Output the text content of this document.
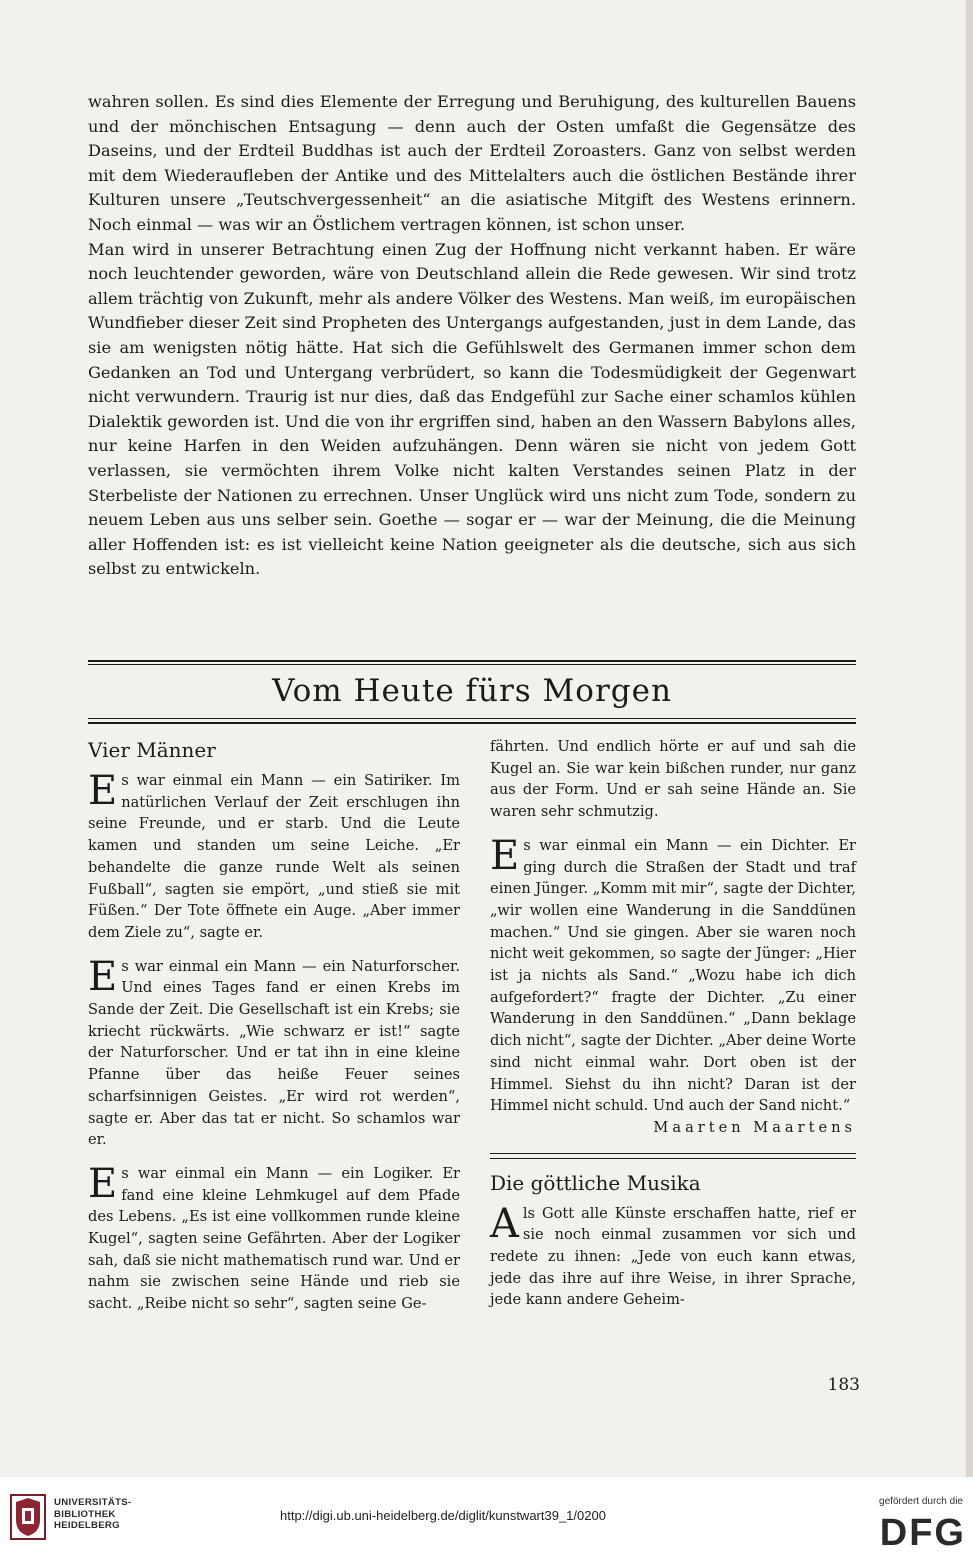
wahren sollen. Es sind dies Elemente der Erregung und Beruhigung, des kulturellen Bauens und der mönchischen Entsagung — denn auch der Osten umfaßt die Gegensätze des Daseins, und der Erdteil Buddhas ist auch der Erdteil Zoroasters. Ganz von selbst werden mit dem Wiederaufleben der Antike und des Mittelalters auch die östlichen Bestände ihrer Kulturen unsere „Teutschvergessenheit“ an die asiatische Mitgift des Westens erinnern. Noch einmal — was wir an Östlichem vertragen können, ist schon unser.

Man wird in unserer Betrachtung einen Zug der Hoffnung nicht verkannt haben. Er wäre noch leuchtender geworden, wäre von Deutschland allein die Rede gewesen. Wir sind trotz allem trächtig von Zukunft, mehr als andere Völker des Westens. Man weiß, im europäischen Wundfieber dieser Zeit sind Propheten des Untergangs aufgestanden, just in dem Lande, das sie am wenigsten nötig hätte. Hat sich die Gefühlswelt des Germanen immer schon dem Gedanken an Tod und Untergang verbrüdert, so kann die Todesmüdigkeit der Gegenwart nicht verwundern. Traurig ist nur dies, daß das Endgefühl zur Sache einer schamlos kühlen Dialektik geworden ist. Und die von ihr ergriffen sind, haben an den Wassern Babylons alles, nur keine Harfen in den Weiden aufzuhängen. Denn wären sie nicht von jedem Gott verlassen, sie vermöchten ihrem Volke nicht kalten Verstandes seinen Platz in der Sterbeliste der Nationen zu errechnen. Unser Unglück wird uns nicht zum Tode, sondern zu neuem Leben aus uns selber sein. Goethe — sogar er — war der Meinung, die die Meinung aller Hoffenden ist: es ist vielleicht keine Nation geeigneter als die deutsche, sich aus sich selbst zu entwickeln.

Vom Heute fürs Morgen
Vier Männer

Es war einmal ein Mann — ein Satiriker. Im natürlichen Verlauf der Zeit erschlugen ihn seine Freunde, und er starb. Und die Leute kamen und standen um seine Leiche. „Er behandelte die ganze runde Welt als seinen Fußball“, sagten sie empört, „und stieß sie mit Füßen.“ Der Tote öffnete ein Auge. „Aber immer dem Ziele zu“, sagte er.

Es war einmal ein Mann — ein Naturforscher. Und eines Tages fand er einen Krebs im Sande der Zeit. Die Gesellschaft ist ein Krebs; sie kriecht rückwärts. „Wie schwarz er ist!“ sagte der Naturforscher. Und er tat ihn in eine kleine Pfanne über das heiße Feuer seines scharfsinnigen Geistes. „Er wird rot werden“, sagte er. Aber das tat er nicht. So schamlos war er.

Es war einmal ein Mann — ein Logiker. Er fand eine kleine Lehmkugel auf dem Pfade des Lebens. „Es ist eine vollkommen runde kleine Kugel“, sagten seine Gefährten. Aber der Logiker sah, daß sie nicht mathematisch rund war. Und er nahm sie zwischen seine Hände und rieb sie sacht. „Reibe nicht so sehr“, sagten seine Ge-

fährten. Und endlich hörte er auf und sah die Kugel an. Sie war kein bißchen runder, nur ganz aus der Form. Und er sah seine Hände an. Sie waren sehr schmutzig.

Es war einmal ein Mann — ein Dichter. Er ging durch die Straßen der Stadt und traf einen Jünger. „Komm mit mir“, sagte der Dichter, „wir wollen eine Wanderung in die Sanddünen machen.“ Und sie gingen. Aber sie waren noch nicht weit gekommen, so sagte der Jünger: „Hier ist ja nichts als Sand.“ „Wozu habe ich dich aufgefordert?“ fragte der Dichter. „Zu einer Wanderung in den Sanddünen.“ „Dann beklage dich nicht“, sagte der Dichter. „Aber deine Worte sind nicht einmal wahr. Dort oben ist der Himmel. Siehst du ihn nicht? Daran ist der Himmel nicht schuld. Und auch der Sand nicht.“

Maarten Maartens

Die göttliche Musika

Als Gott alle Künste erschaffen hatte, rief er sie noch einmal zusammen vor sich und redete zu ihnen: „Jede von euch kann etwas, jede das ihre auf ihre Weise, in ihrer Sprache, jede kann andere Geheim-

183
UNIVERSITÄTS-
BIBLIOTHEK
HEIDELBERG
http://digi.ub.uni-heidelberg.de/diglit/kunstwart39_1/0200
gefördert durch die
DFG
